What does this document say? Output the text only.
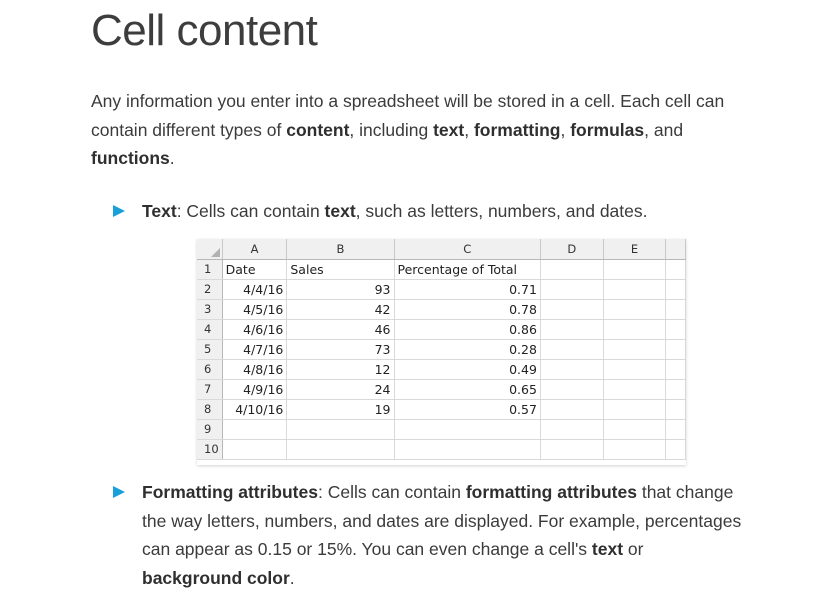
Cell content

Any information you enter into a spreadsheet will be stored in a cell. Each cell can contain different types of content, including text, formatting, formulas, and functions.

Text: Cells can contain text, such as letters, numbers, and dates.

	A	B	C	D	E	
1	Date	Sales	Percentage of Total			
2	4/4/16	93	0.71			
3	4/5/16	42	0.78			
4	4/6/16	46	0.86			
5	4/7/16	73	0.28			
6	4/8/16	12	0.49			
7	4/9/16	24	0.65			
8	4/10/16	19	0.57			
9						
10						

Formatting attributes: Cells can contain formatting attributes that change the way letters, numbers, and dates are displayed. For example, percentages can appear as 0.15 or 15%. You can even change a cell's text or background color.
